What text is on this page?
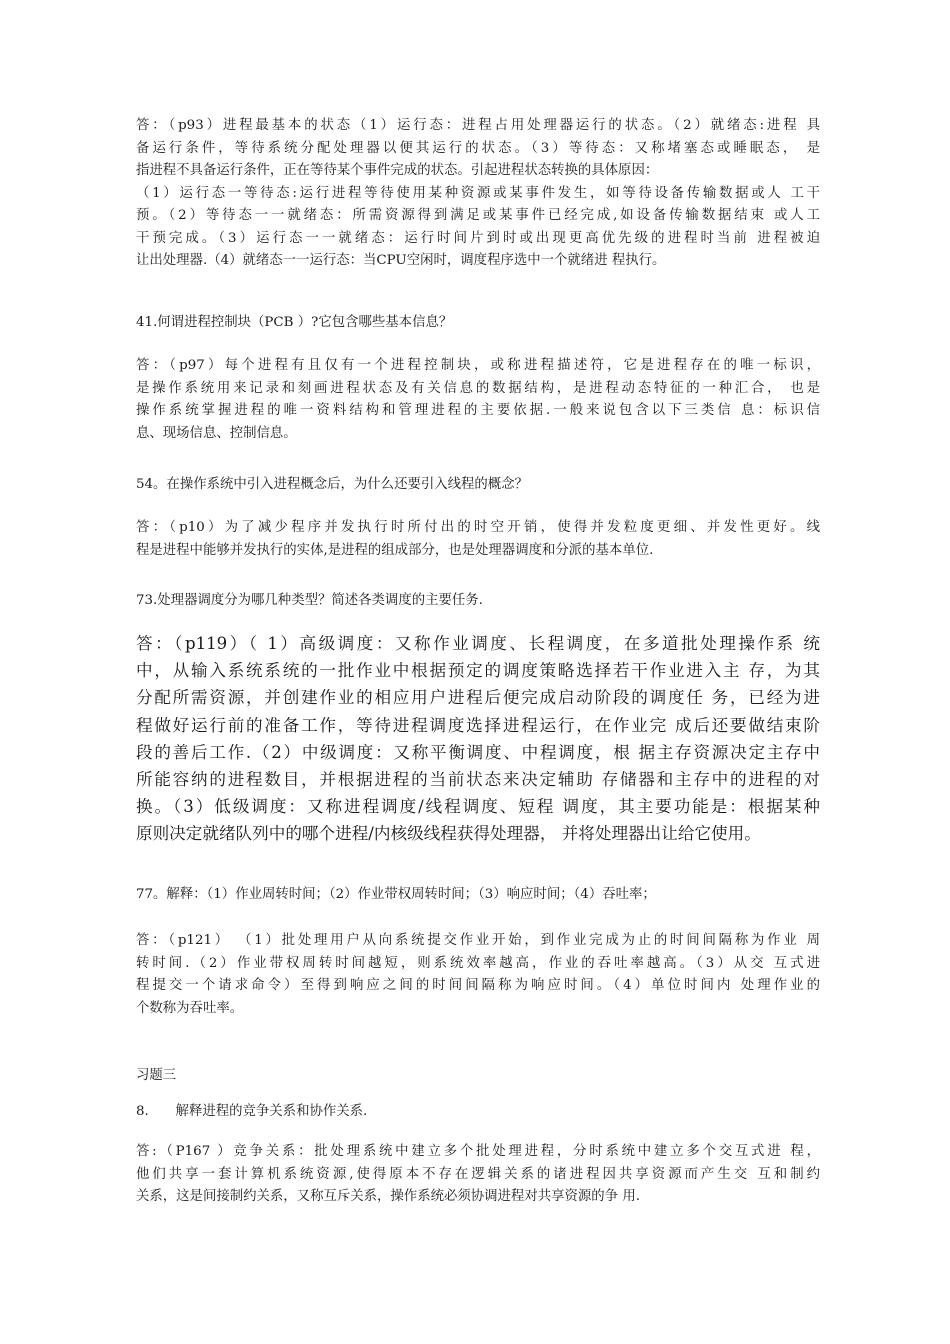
答：（p93）进程最基本的状态（1）运行态：进程占用处理器运行的状态。（2）就绪态:进程 具
备运行条件，等待系统分配处理器以便其运行的状态。（3）等待态：又称堵塞态或睡眠态， 是
指进程不具备运行条件，正在等待某个事件完成的状态。引起进程状态转换的具体原因：
（1）运行态一等待态:运行进程等待使用某种资源或某事件发生，如等待设备传输数据或人 工干
预。（2）等待态一一就绪态：所需资源得到满足或某事件已经完成,如设备传输数据结束 或人工
干预完成。（3）运行态一一就绪态：运行时间片到时或出现更高优先级的进程时当前 进程被迫
让出处理器.（4）就绪态一一运行态：当CPU空闲时，调度程序选中一个就绪进 程执行。
41.何谓进程控制块（PCB ）?它包含哪些基本信息？
答：（p97）每个进程有且仅有一个进程控制块，或称进程描述符，它是进程存在的唯一标识，
是操作系统用来记录和刻画进程状态及有关信息的数据结构，是进程动态特征的一种汇合， 也是
操作系统掌握进程的唯一资料结构和管理进程的主要依据.一般来说包含以下三类信 息：标识信
息、现场信息、控制信息。
54。在操作系统中引入进程概念后，为什么还要引入线程的概念？
答：（p10）为了减少程序并发执行时所付出的时空开销，使得并发粒度更细、并发性更好。线
程是进程中能够并发执行的实体,是进程的组成部分，也是处理器调度和分派的基本单位.
73.处理器调度分为哪几种类型？简述各类调度的主要任务.
答：（p119）（ 1）高级调度：又称作业调度、长程调度，在多道批处理操作系 统
中，从输入系统系统的一批作业中根据预定的调度策略选择若干作业进入主 存，为其
分配所需资源，并创建作业的相应用户进程后便完成启动阶段的调度任 务，已经为进
程做好运行前的准备工作，等待进程调度选择进程运行，在作业完 成后还要做结束阶
段的善后工作.（2）中级调度：又称平衡调度、中程调度，根 据主存资源决定主存中
所能容纳的进程数目，并根据进程的当前状态来决定辅助 存储器和主存中的进程的对
换。（3）低级调度：又称进程调度/线程调度、短程 调度，其主要功能是：根据某种
原则决定就绪队列中的哪个进程/内核级线程获得处理器， 并将处理器出让给它使用。
77。解释：（1）作业周转时间；（2）作业带权周转时间；（3）响应时间；（4）吞吐率；
答：（p121） （1）批处理用户从向系统提交作业开始，到作业完成为止的时间间隔称为作业 周
转时间.（2）作业带权周转时间越短，则系统效率越高，作业的吞吐率越高。（3）从交 互式进
程提交一个请求命令）至得到响应之间的时间间隔称为响应时间。（4）单位时间内 处理作业的
个数称为吞吐率。
习题三
8.　　解释进程的竞争关系和协作关系.
答:（P167 ）竞争关系：批处理系统中建立多个批处理进程，分时系统中建立多个交互式进 程，
他们共享一套计算机系统资源,使得原本不存在逻辑关系的诸进程因共享资源而产生交 互和制约
关系，这是间接制约关系，又称互斥关系，操作系统必须协调进程对共享资源的争 用.
